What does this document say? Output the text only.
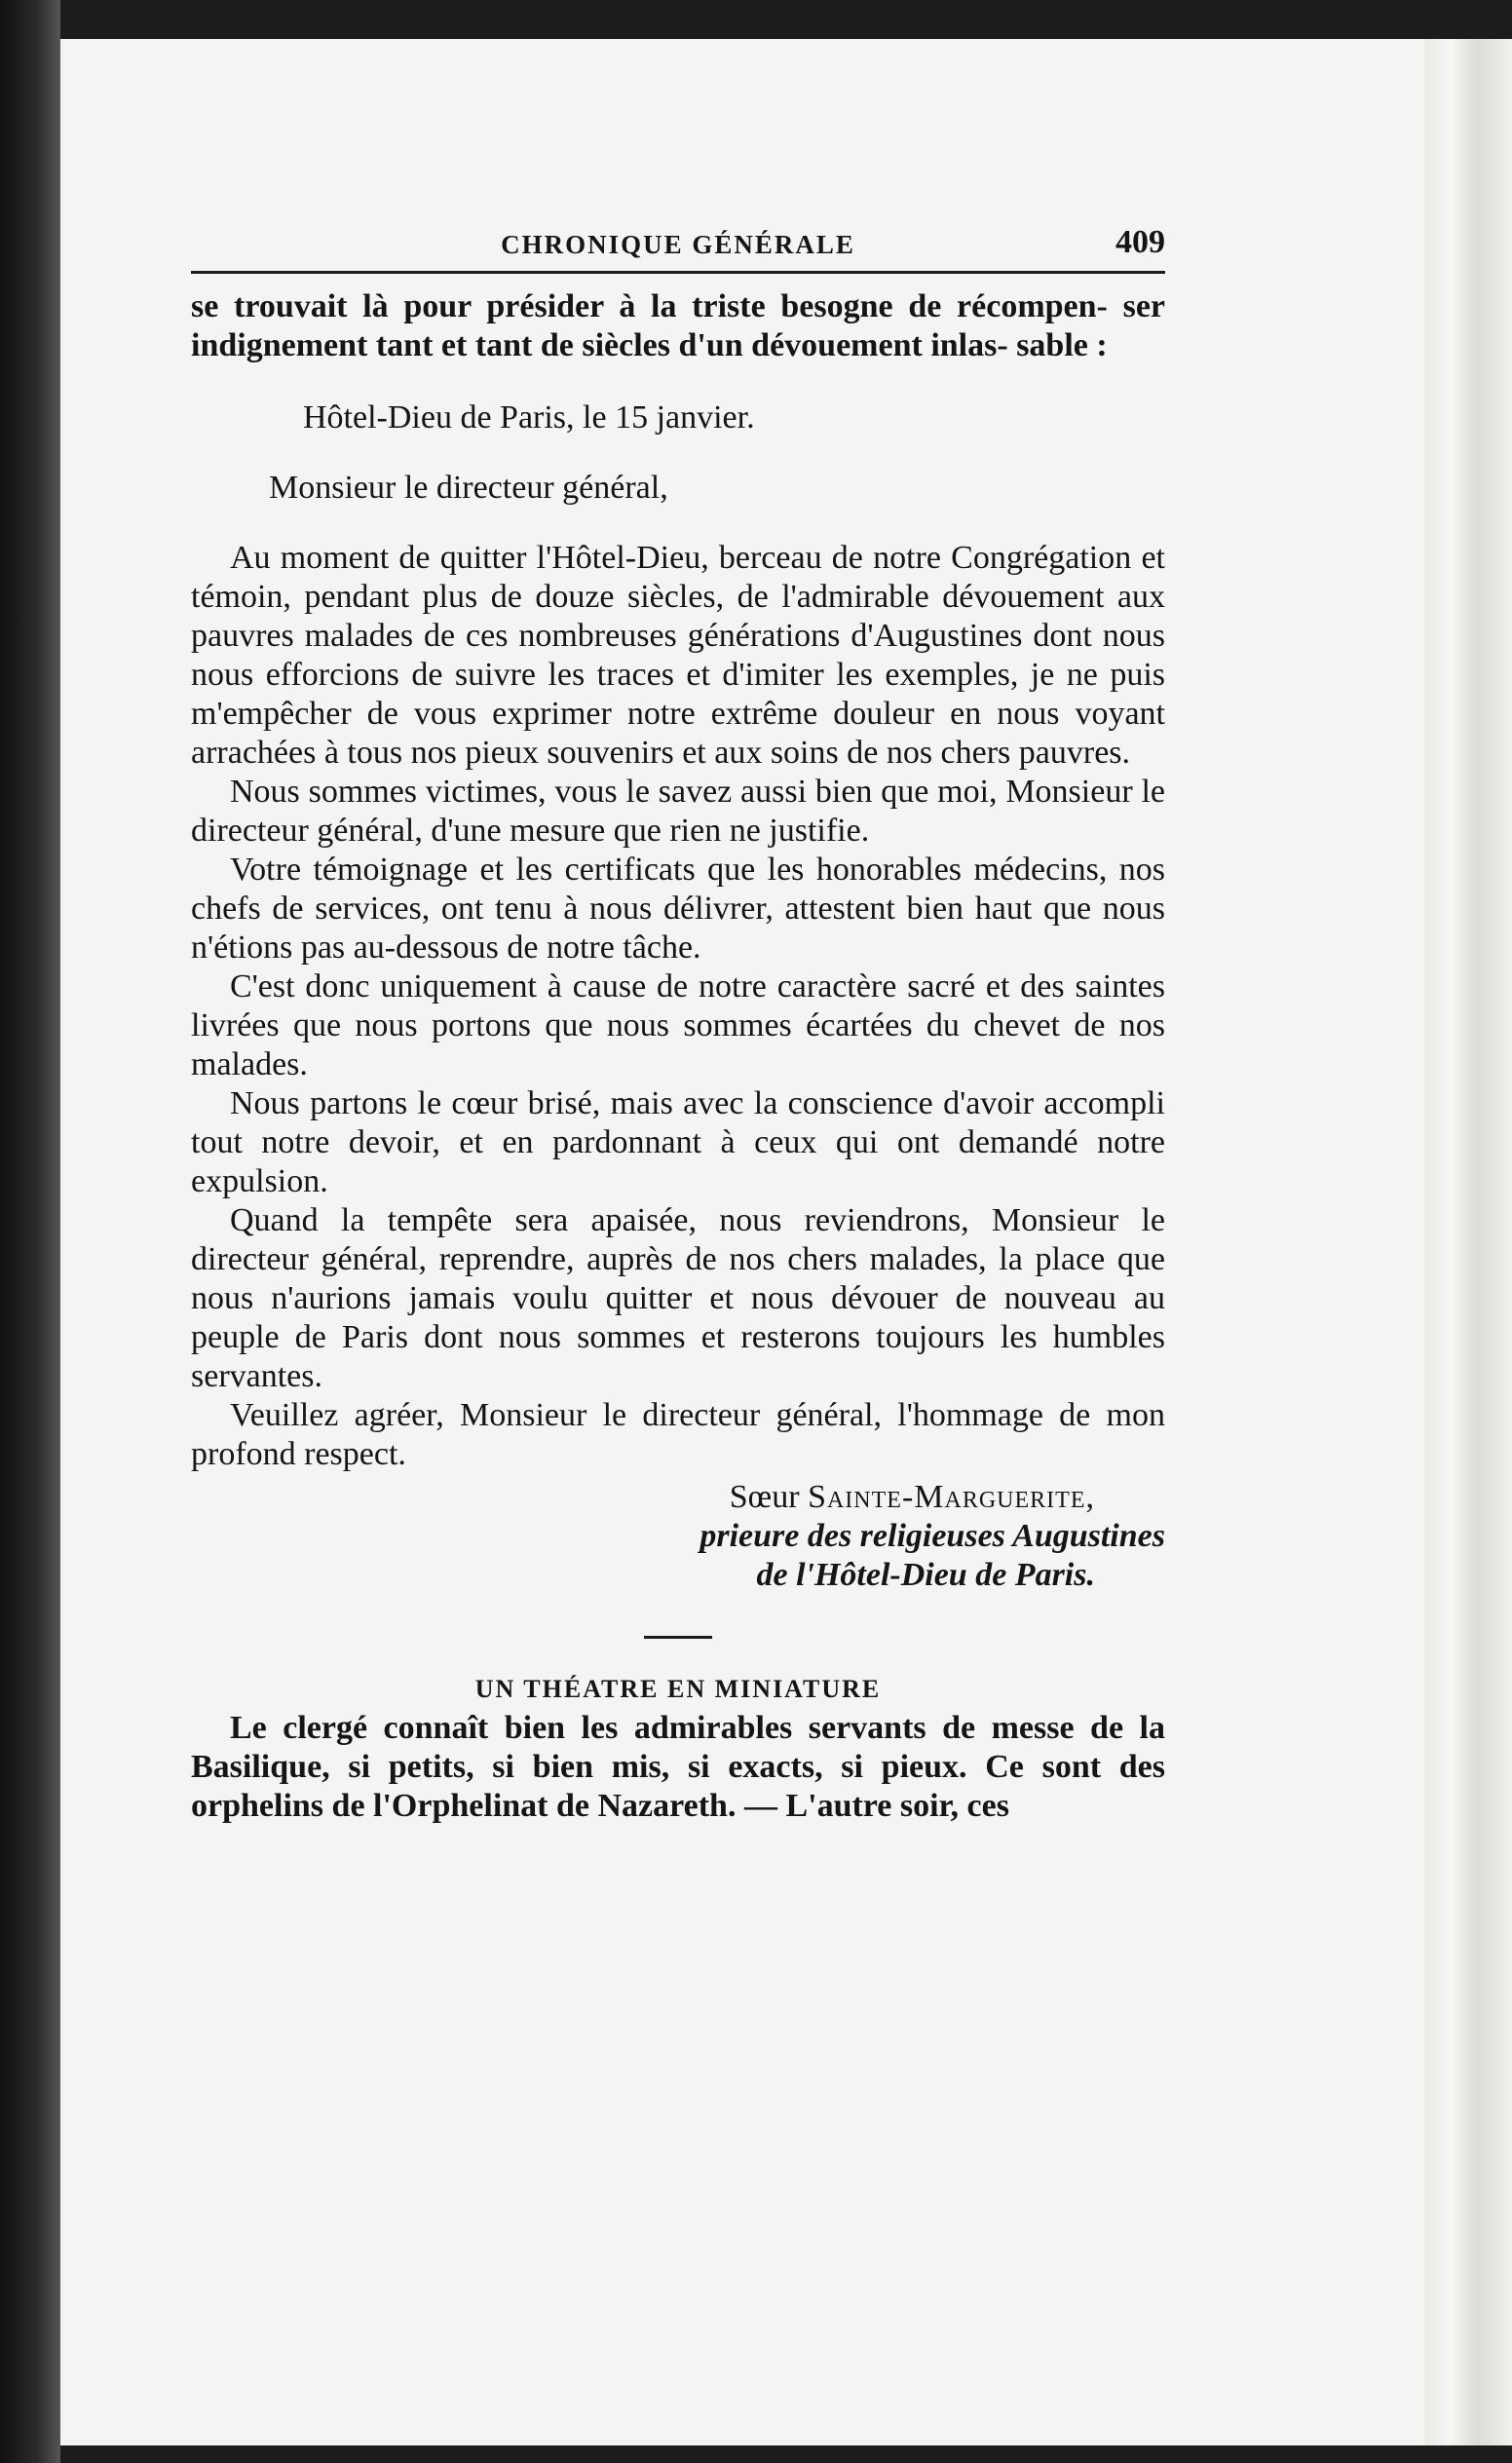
CHRONIQUE GÉNÉRALE	409

se trouvait là pour présider à la triste besogne de récompen- ser indignement tant et tant de siècles d'un dévouement inlas- sable :

Hôtel-Dieu de Paris, le 15 janvier.

Monsieur le directeur général,

Au moment de quitter l'Hôtel-Dieu, berceau de notre Congrégation et témoin, pendant plus de douze siècles, de l'admirable dévouement aux pauvres malades de ces nombreuses générations d'Augustines dont nous nous efforcions de suivre les traces et d'imiter les exemples, je ne puis m'empêcher de vous exprimer notre extrême douleur en nous voyant arrachées à tous nos pieux souvenirs et aux soins de nos chers pauvres.

Nous sommes victimes, vous le savez aussi bien que moi, Monsieur le directeur général, d'une mesure que rien ne justifie.

Votre témoignage et les certificats que les honorables médecins, nos chefs de services, ont tenu à nous délivrer, attestent bien haut que nous n'étions pas au-dessous de notre tâche.

C'est donc uniquement à cause de notre caractère sacré et des saintes livrées que nous portons que nous sommes écartées du chevet de nos malades.

Nous partons le cœur brisé, mais avec la conscience d'avoir accompli tout notre devoir, et en pardonnant à ceux qui ont demandé notre expulsion.

Quand la tempête sera apaisée, nous reviendrons, Monsieur le directeur général, reprendre, auprès de nos chers malades, la place que nous n'aurions jamais voulu quitter et nous dévouer de nouveau au peuple de Paris dont nous sommes et resterons toujours les humbles servantes.

Veuillez agréer, Monsieur le directeur général, l'hommage de mon profond respect.

Sœur Sainte-Marguerite,

prieure des religieuses Augustines

de l'Hôtel-Dieu de Paris.

UN THÉATRE EN MINIATURE

Le clergé connaît bien les admirables servants de messe de la Basilique, si petits, si bien mis, si exacts, si pieux. Ce sont des orphelins de l'Orphelinat de Nazareth. — L'autre soir, ces
